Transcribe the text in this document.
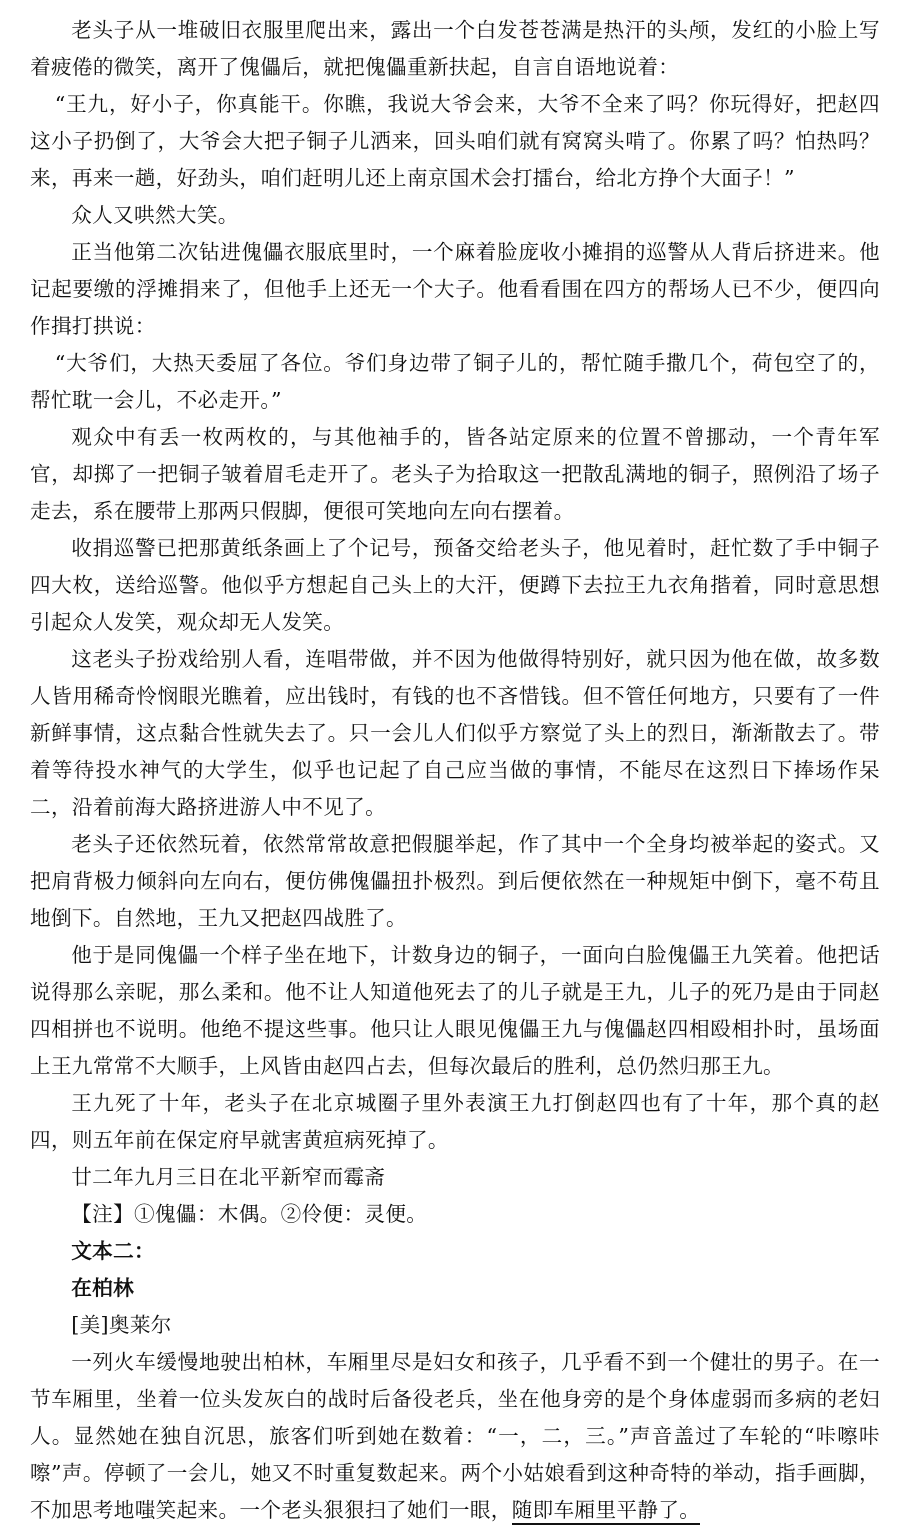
老头子从一堆破旧衣服里爬出来，露出一个白发苍苍满是热汗的头颅，发红的小脸上写着疲倦的微笑，离开了傀儡后，就把傀儡重新扶起，自言自语地说着：

“王九，好小子，你真能干。你瞧，我说大爷会来，大爷不全来了吗？你玩得好，把赵四这小子扔倒了，大爷会大把子铜子儿洒来，回头咱们就有窝窝头啃了。你累了吗？怕热吗？来，再来一趟，好劲头，咱们赶明儿还上南京国术会打擂台，给北方挣个大面子！”

众人又哄然大笑。

正当他第二次钻进傀儡衣服底里时，一个麻着脸庞收小摊捐的巡警从人背后挤进来。他记起要缴的浮摊捐来了，但他手上还无一个大子。他看看围在四方的帮场人已不少，便四向作揖打拱说：

“大爷们，大热天委屈了各位。爷们身边带了铜子儿的，帮忙随手撒几个，荷包空了的，帮忙耽一会儿，不必走开。”

观众中有丢一枚两枚的，与其他袖手的，皆各站定原来的位置不曾挪动，一个青年军官，却掷了一把铜子皱着眉毛走开了。老头子为拾取这一把散乱满地的铜子，照例沿了场子走去，系在腰带上那两只假脚，便很可笑地向左向右摆着。

收捐巡警已把那黄纸条画上了个记号，预备交给老头子，他见着时，赶忙数了手中铜子四大枚，送给巡警。他似乎方想起自己头上的大汗，便蹲下去拉王九衣角揩着，同时意思想引起众人发笑，观众却无人发笑。

这老头子扮戏给别人看，连唱带做，并不因为他做得特别好，就只因为他在做，故多数人皆用稀奇怜悯眼光瞧着，应出钱时，有钱的也不吝惜钱。但不管任何地方，只要有了一件新鲜事情，这点黏合性就失去了。只一会儿人们似乎方察觉了头上的烈日，渐渐散去了。带着等待投水神气的大学生，似乎也记起了自己应当做的事情，不能尽在这烈日下捧场作呆二，沿着前海大路挤进游人中不见了。

老头子还依然玩着，依然常常故意把假腿举起，作了其中一个全身均被举起的姿式。又把肩背极力倾斜向左向右，便仿佛傀儡扭扑极烈。到后便依然在一种规矩中倒下，毫不苟且地倒下。自然地，王九又把赵四战胜了。

他于是同傀儡一个样子坐在地下，计数身边的铜子，一面向白脸傀儡王九笑着。他把话说得那么亲昵，那么柔和。他不让人知道他死去了的儿子就是王九，儿子的死乃是由于同赵四相拼也不说明。他绝不提这些事。他只让人眼见傀儡王九与傀儡赵四相殴相扑时，虽场面上王九常常不大顺手，上风皆由赵四占去，但每次最后的胜利，总仍然归那王九。

王九死了十年，老头子在北京城圈子里外表演王九打倒赵四也有了十年，那个真的赵四，则五年前在保定府早就害黄疸病死掉了。

廿二年九月三日在北平新窄而霉斋

【注】①傀儡：木偶。②伶便：灵便。

文本二：

在柏林

[美]奥莱尔

一列火车缓慢地驶出柏林，车厢里尽是妇女和孩子，几乎看不到一个健壮的男子。在一节车厢里，坐着一位头发灰白的战时后备役老兵，坐在他身旁的是个身体虚弱而多病的老妇人。显然她在独自沉思，旅客们听到她在数着：“一，二，三。”声音盖过了车轮的“咔嚓咔嚓”声。停顿了一会儿，她又不时重复数起来。两个小姑娘看到这种奇特的举动，指手画脚，不加思考地嗤笑起来。一个老头狠狠扫了她们一眼，随即车厢里平静了。
